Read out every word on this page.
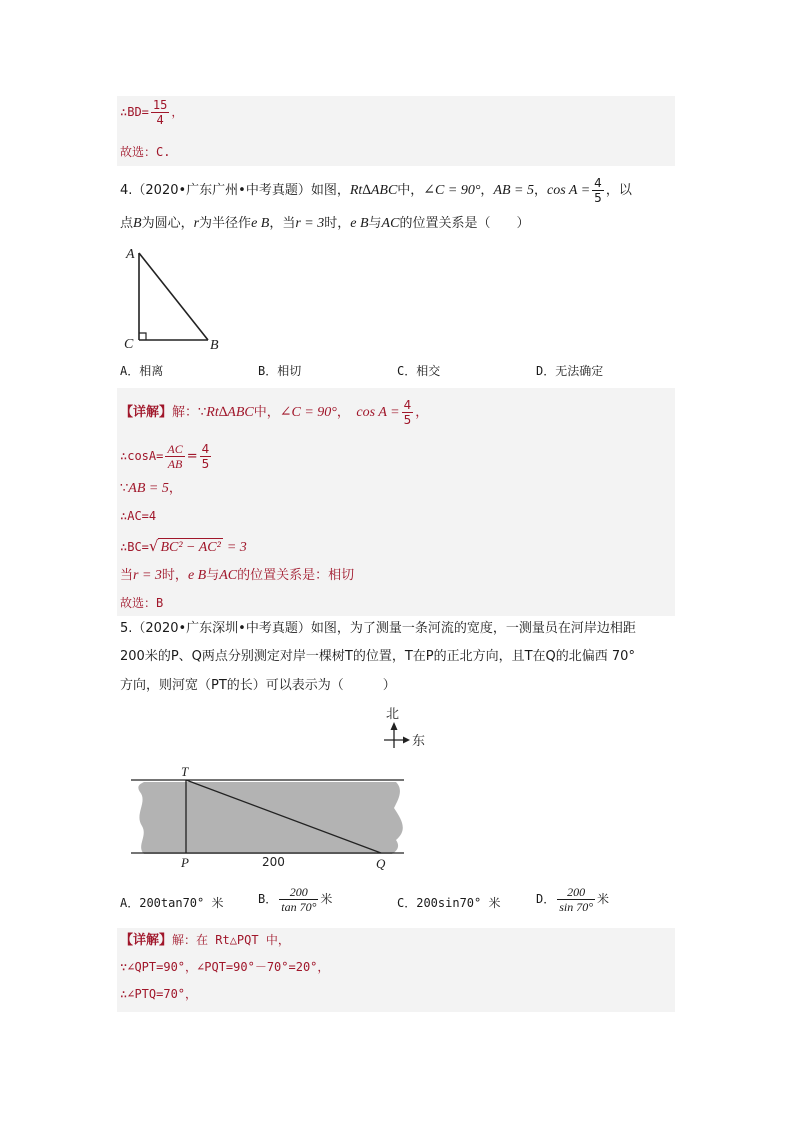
∴BD= $\frac{15}{4}$ ，
故选：C.
4.（2020•广东广州•中考真题）如图，Rt∆ABC中，∠C = 90°，AB = 5，$\cos A = \frac{4}{5}$ ，以
点B为圆心，r为半径作e B，当r = 3时，e B与AC的位置关系是（　　）
A
C	B
A．相离	B．相切	C．相交	D．无法确定
【详解】解：∵Rt∆ABC中，∠C = 90°，　$\cos A = \frac{4}{5}$ ，
∴cosA= $\frac{AC}{AB} = \frac{4}{5}$
∵AB = 5，
∴AC=4
∴BC=√ BC² − AC² = 3
当r = 3时，e B与AC的位置关系是：相切
故选：B
5.（2020•广东深圳•中考真题）如图，为了测量一条河流的宽度，一测量员在河岸边相距
200米的P、Q两点分别测定对岸一棵树T的位置，T在P的正北方向，且T在Q的北偏西 70°
方向，则河宽（PT的长）可以表示为（　　　）
北
东
T
P	Q
200
A．200tan70° 米	B． $\frac{200}{\tan 70^\circ}$ 米	C．200sin70° 米	D． $\frac{200}{\sin 70^\circ}$ 米
【详解】解：在 Rt△PQT 中，
∵∠QPT=90°，∠PQT=90°－70°=20°，
∴∠PTQ=70°，
